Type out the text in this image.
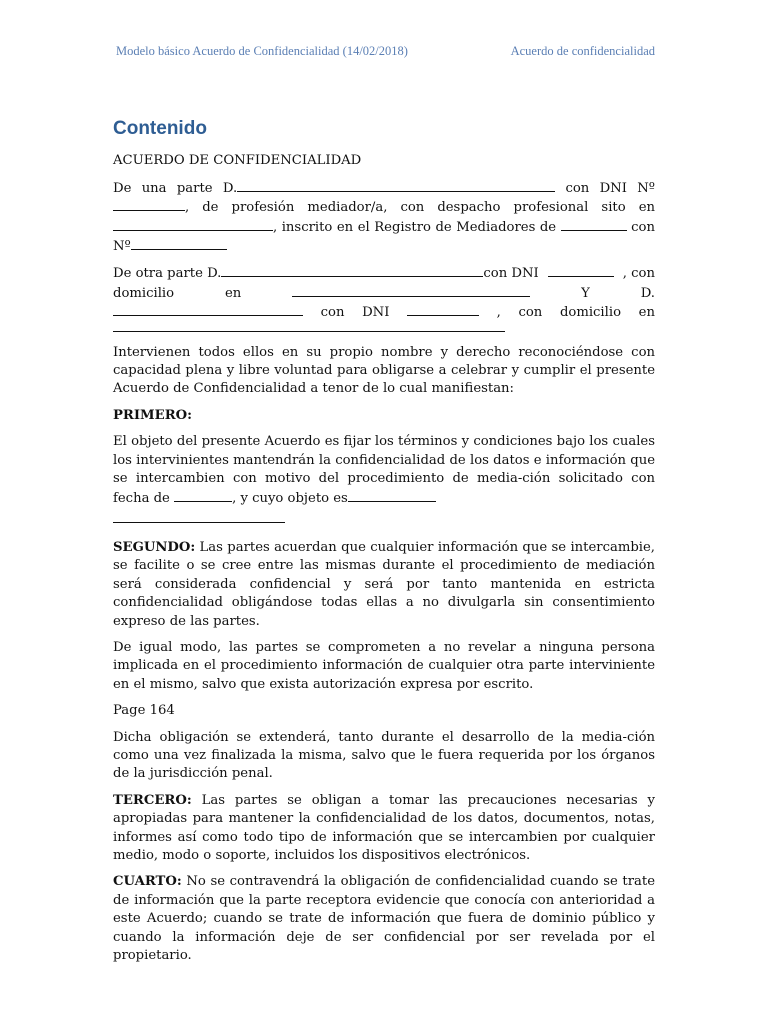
Modelo básico Acuerdo de Confidencialidad (14/02/2018)	Acuerdo de confidencialidad
Contenido
ACUERDO DE CONFIDENCIALIDAD

De una parte D.	con DNI Nº , de profesión mediador/a, con despacho profesional sito en, inscrito en el Registro de Mediadores de	con Nº

De otra parte D.	con DNI	, con
domicilio	en	Y	D.
con DNI	, con domicilio en

Intervienen todos ellos en su propio nombre y derecho reconociéndose con capacidad plena y libre voluntad para obligarse a celebrar y cumplir el presente Acuerdo de Confidencialidad a tenor de lo cual manifiestan:

PRIMERO:

El objeto del presente Acuerdo es fijar los términos y condiciones bajo los cuales los intervinientes mantendrán la confidencialidad de los datos e información que se intercambien con motivo del procedimiento de media-ción solicitado con fecha de	, y cuyo objeto es

SEGUNDO: Las partes acuerdan que cualquier información que se intercambie, se facilite o se cree entre las mismas durante el procedimiento de mediación será considerada confidencial y será por tanto mantenida en estricta confidencialidad obligándose todas ellas a no divulgarla sin consentimiento expreso de las partes.

De igual modo, las partes se comprometen a no revelar a ninguna persona implicada en el procedimiento información de cualquier otra parte interviniente en el mismo, salvo que exista autorización expresa por escrito.

Page 164

Dicha obligación se extenderá, tanto durante el desarrollo de la media-ción como una vez finalizada la misma, salvo que le fuera requerida por los órganos de la jurisdicción penal.

TERCERO: Las partes se obligan a tomar las precauciones necesarias y apropiadas para mantener la confidencialidad de los datos, documentos, notas, informes así como todo tipo de información que se intercambien por cualquier medio, modo o soporte, incluidos los dispositivos electrónicos.

CUARTO: No se contravendrá la obligación de confidencialidad cuando se trate de información que la parte receptora evidencie que conocía con anterioridad a este Acuerdo; cuando se trate de información que fuera de dominio público y cuando la información deje de ser confidencial por ser revelada por el propietario.
